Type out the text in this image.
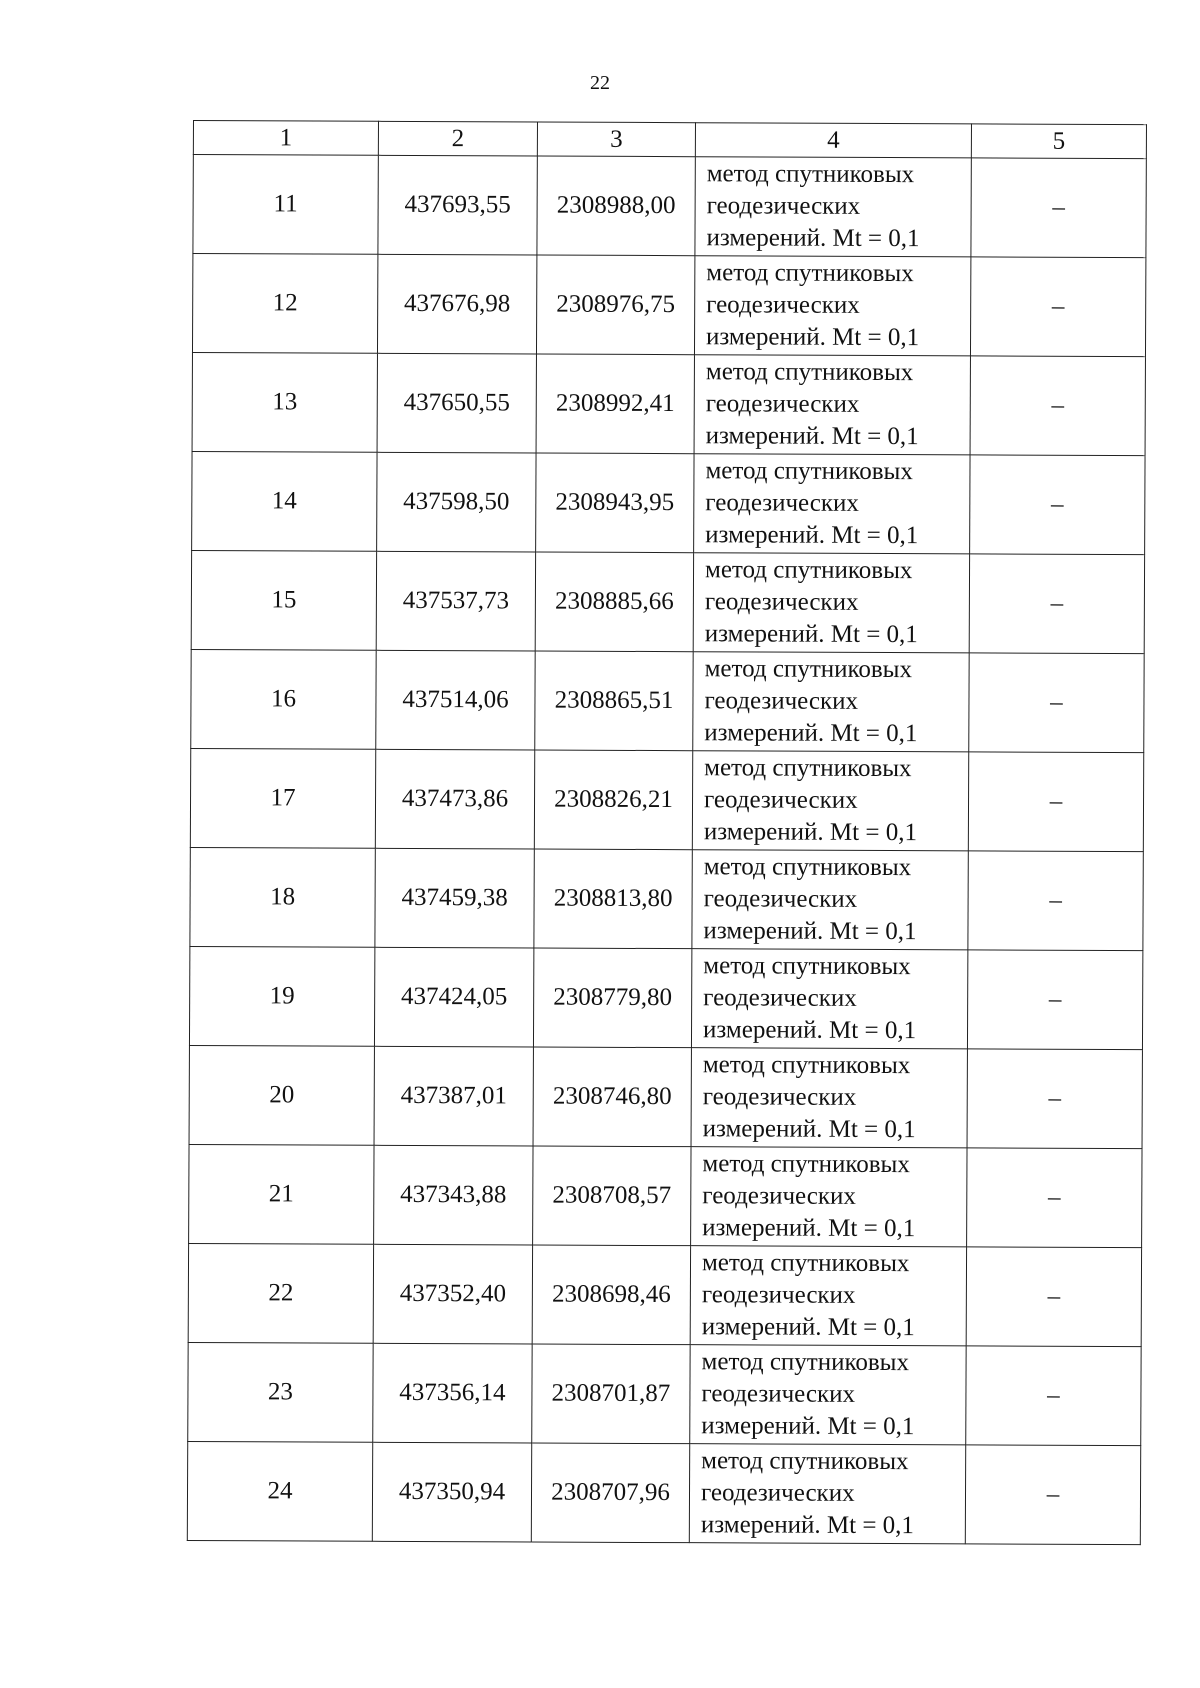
22
1	2	3	4	5
11	437693,55	2308988,00	метод спутниковых
геодезических
измерений. Mt = 0,1	–
12	437676,98	2308976,75	метод спутниковых
геодезических
измерений. Mt = 0,1	–
13	437650,55	2308992,41	метод спутниковых
геодезических
измерений. Mt = 0,1	–
14	437598,50	2308943,95	метод спутниковых
геодезических
измерений. Mt = 0,1	–
15	437537,73	2308885,66	метод спутниковых
геодезических
измерений. Mt = 0,1	–
16	437514,06	2308865,51	метод спутниковых
геодезических
измерений. Mt = 0,1	–
17	437473,86	2308826,21	метод спутниковых
геодезических
измерений. Mt = 0,1	–
18	437459,38	2308813,80	метод спутниковых
геодезических
измерений. Mt = 0,1	–
19	437424,05	2308779,80	метод спутниковых
геодезических
измерений. Mt = 0,1	–
20	437387,01	2308746,80	метод спутниковых
геодезических
измерений. Mt = 0,1	–
21	437343,88	2308708,57	метод спутниковых
геодезических
измерений. Mt = 0,1	–
22	437352,40	2308698,46	метод спутниковых
геодезических
измерений. Mt = 0,1	–
23	437356,14	2308701,87	метод спутниковых
геодезических
измерений. Mt = 0,1	–
24	437350,94	2308707,96	метод спутниковых
геодезических
измерений. Mt = 0,1	–
